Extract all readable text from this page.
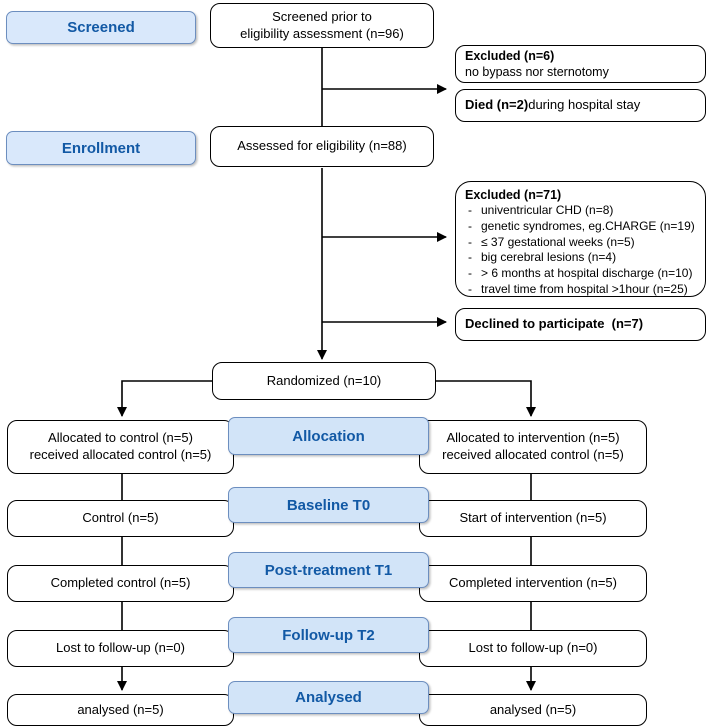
Screened
Enrollment
Screened prior to
eligibility assessment (n=96)
Assessed for eligibility (n=88)
Randomized (n=10)
Excluded (n=6)
no bypass nor sternotomy
Died (n=2) during hospital stay
Excluded (n=71)
- univentricular CHD (n=8)
- genetic syndromes, eg.CHARGE (n=19)
- ≤ 37 gestational weeks (n=5)
- big cerebral lesions (n=4)
- > 6 months at hospital discharge (n=10)
- travel time from hospital >1hour (n=25)
Declined to participate  (n=7)
Allocated to control (n=5)
received allocated control (n=5)
Allocation	Allocated to intervention (n=5)
received allocated control (n=5)
Control (n=5)
Baseline T0
Start of intervention (n=5)
Completed control (n=5)
Post-treatment T1
Completed intervention (n=5)
Lost to follow-up (n=0)
Follow-up T2
Lost to follow-up (n=0)
analysed (n=5)
Analysed
analysed (n=5)
